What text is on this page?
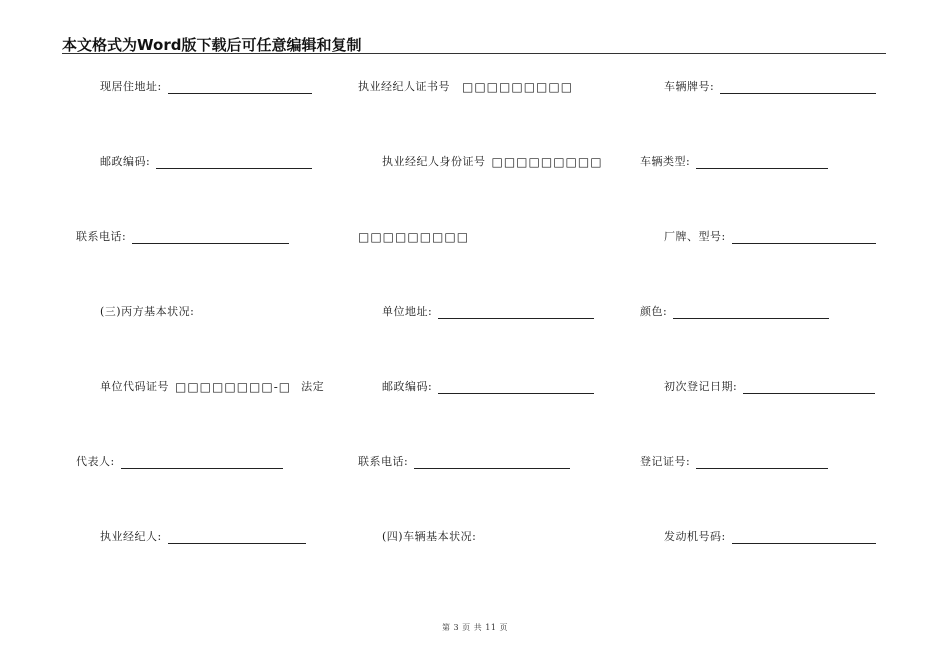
本文格式为Word版下载后可任意编辑和复制
现居住地址:
邮政编码:
联系电话:
(三)丙方基本状况:
单位代码证号 □□□□□□□□-□ 法定
代表人:
执业经纪人:
执业经纪人证书号 □□□□□□□□□
执业经纪人身份证号 □□□□□□□□□
□□□□□□□□□
单位地址:
邮政编码:
联系电话:
(四)车辆基本状况:
车辆牌号:
车辆类型:
厂牌、型号:
颜色:
初次登记日期:
登记证号:
发动机号码:
第 3 页 共 11 页
